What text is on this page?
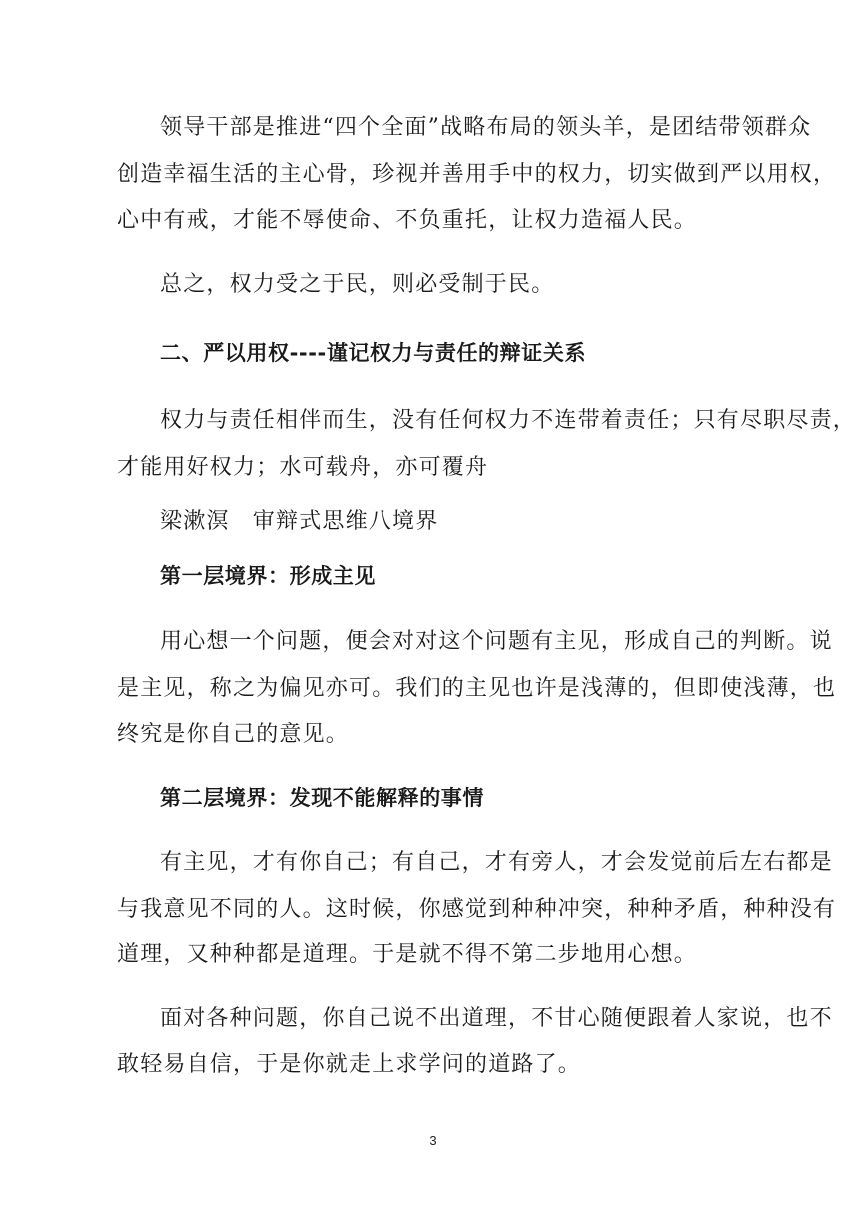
领导干部是推进“四个全面”战略布局的领头羊，是团结带领群众
创造幸福生活的主心骨，珍视并善用手中的权力，切实做到严以用权，
心中有戒，才能不辱使命、不负重托，让权力造福人民。
总之，权力受之于民，则必受制于民。
二、严以用权----谨记权力与责任的辩证关系
权力与责任相伴而生，没有任何权力不连带着责任；只有尽职尽责，
才能用好权力；水可载舟，亦可覆舟
梁漱溟　审辩式思维八境界
第一层境界：形成主见
用心想一个问题，便会对对这个问题有主见，形成自己的判断。说
是主见，称之为偏见亦可。我们的主见也许是浅薄的，但即使浅薄，也
终究是你自己的意见。
第二层境界：发现不能解释的事情
有主见，才有你自己；有自己，才有旁人，才会发觉前后左右都是
与我意见不同的人。这时候，你感觉到种种冲突，种种矛盾，种种没有
道理，又种种都是道理。于是就不得不第二步地用心想。
面对各种问题，你自己说不出道理，不甘心随便跟着人家说，也不
敢轻易自信，于是你就走上求学问的道路了。
3
